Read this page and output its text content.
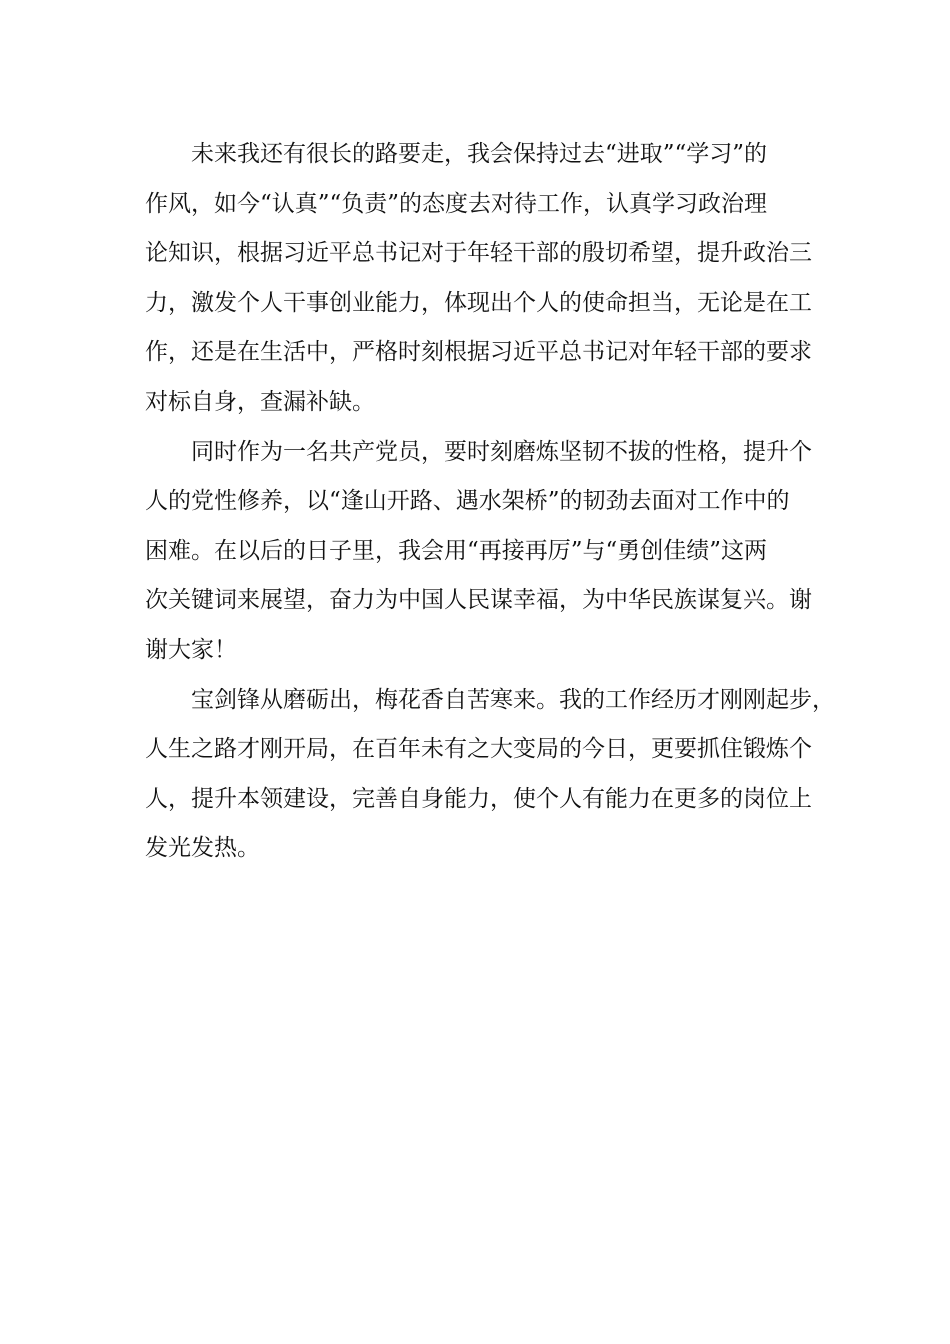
未来我还有很长的路要走，我会保持过去“进取”“学习”的
作风，如今“认真”“负责”的态度去对待工作，认真学习政治理
论知识，根据习近平总书记对于年轻干部的殷切希望，提升政治三
力，激发个人干事创业能力，体现出个人的使命担当，无论是在工
作，还是在生活中，严格时刻根据习近平总书记对年轻干部的要求
对标自身，查漏补缺。
同时作为一名共产党员，要时刻磨炼坚韧不拔的性格，提升个
人的党性修养，以“逢山开路、遇水架桥”的韧劲去面对工作中的
困难。在以后的日子里，我会用“再接再厉”与“勇创佳绩”这两
次关键词来展望，奋力为中国人民谋幸福，为中华民族谋复兴。谢
谢大家！
宝剑锋从磨砺出，梅花香自苦寒来。我的工作经历才刚刚起步，
人生之路才刚开局，在百年未有之大变局的今日，更要抓住锻炼个
人，提升本领建设，完善自身能力，使个人有能力在更多的岗位上
发光发热。
